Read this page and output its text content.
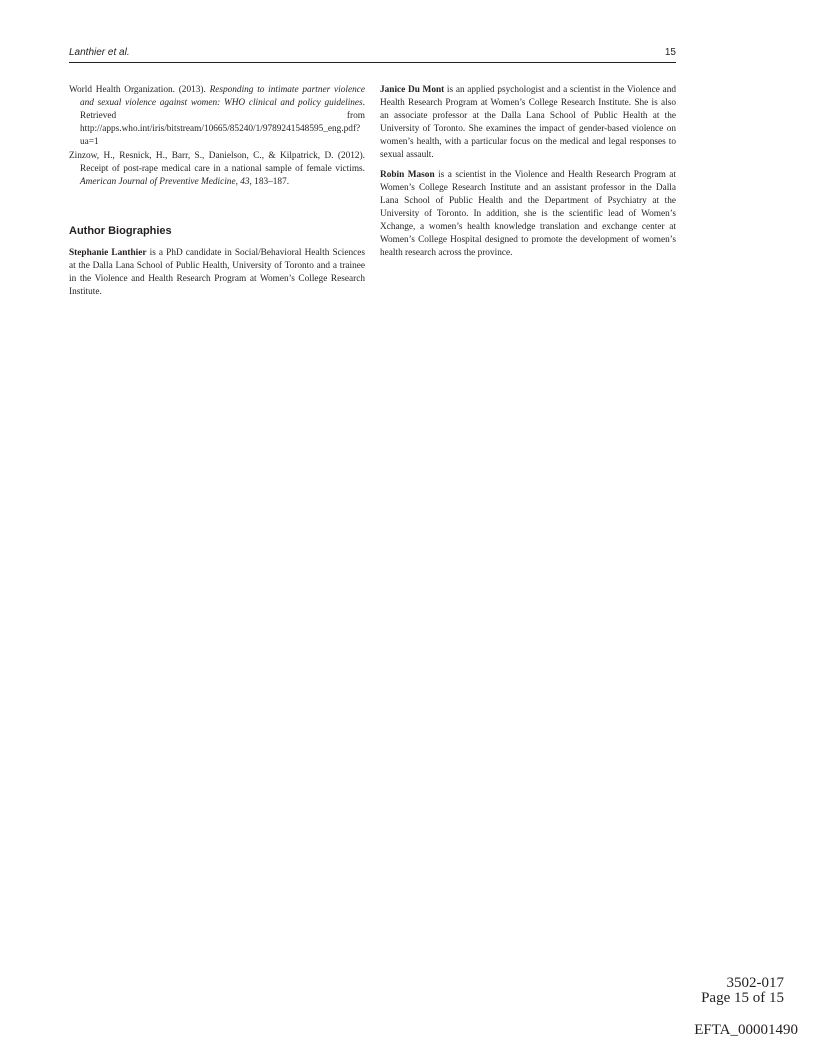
Lanthier et al.	15

World Health Organization. (2013). Responding to intimate partner violence and sexual violence against women: WHO clinical and policy guidelines. Retrieved from http://apps.who.int/iris/bitstream/10665/85240/1/9789241548595_eng.pdf?ua=1

Zinzow, H., Resnick, H., Barr, S., Danielson, C., & Kilpatrick, D. (2012). Receipt of post-rape medical care in a national sample of female victims. American Journal of Preventive Medicine, 43, 183–187.

Author Biographies

Stephanie Lanthier is a PhD candidate in Social/Behavioral Health Sciences at the Dalla Lana School of Public Health, University of Toronto and a trainee in the Violence and Health Research Program at Women’s College Research Institute.

Janice Du Mont is an applied psychologist and a scientist in the Violence and Health Research Program at Women’s College Research Institute. She is also an associate professor at the Dalla Lana School of Public Health at the University of Toronto. She examines the impact of gender-based violence on women’s health, with a particular focus on the medical and legal responses to sexual assault.

Robin Mason is a scientist in the Violence and Health Research Program at Women’s College Research Institute and an assistant professor in the Dalla Lana School of Public Health and the Department of Psychiatry at the University of Toronto. In addition, she is the scientific lead of Women’s Xchange, a women’s health knowledge translation and exchange center at Women’s College Hospital designed to promote the development of women’s health research across the province.

3502-017
Page 15 of 15
EFTA_00001490
